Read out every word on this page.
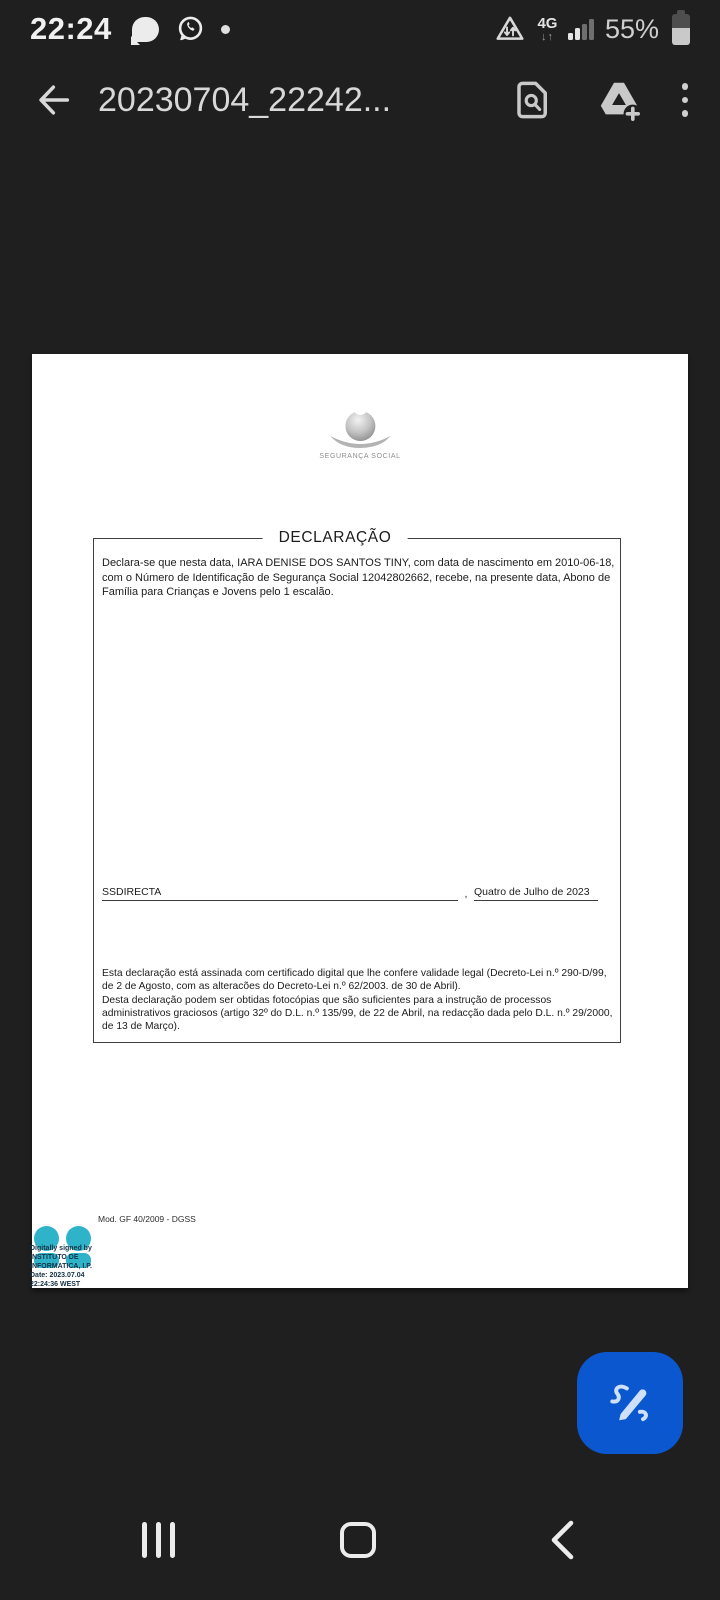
22:24	4G
↓↑ 55%
20230704_22242...
SEGURANÇA SOCIAL
DECLARAÇÃO
Declara-se que nesta data, IARA DENISE DOS SANTOS TINY, com data de nascimento em 2010-06-18, com o Número de Identificação de Segurança Social 12042802662, recebe, na presente data, Abono de Família para Crianças e Jovens pelo 1 escalão.
SSDIRECTA	, Quatro de Julho de 2023

Esta declaração está assinada com certificado digital que lhe confere validade legal (Decreto-Lei n.º 290-D/99, de 2 de Agosto, com as alteracões do Decreto-Lei n.º 62/2003. de 30 de Abril).

Desta declaração podem ser obtidas fotocópias que são suficientes para a instrução de processos administrativos graciosos (artigo 32º do D.L. n.º 135/99, de 22 de Abril, na redacção dada pelo D.L. n.º 29/2000, de 13 de Março).

Mod. GF 40/2009 - DGSS
Digitally signed by
INSTITUTO DE
INFORMATICA, I.P.
Date: 2023.07.04
22:24:36 WEST
